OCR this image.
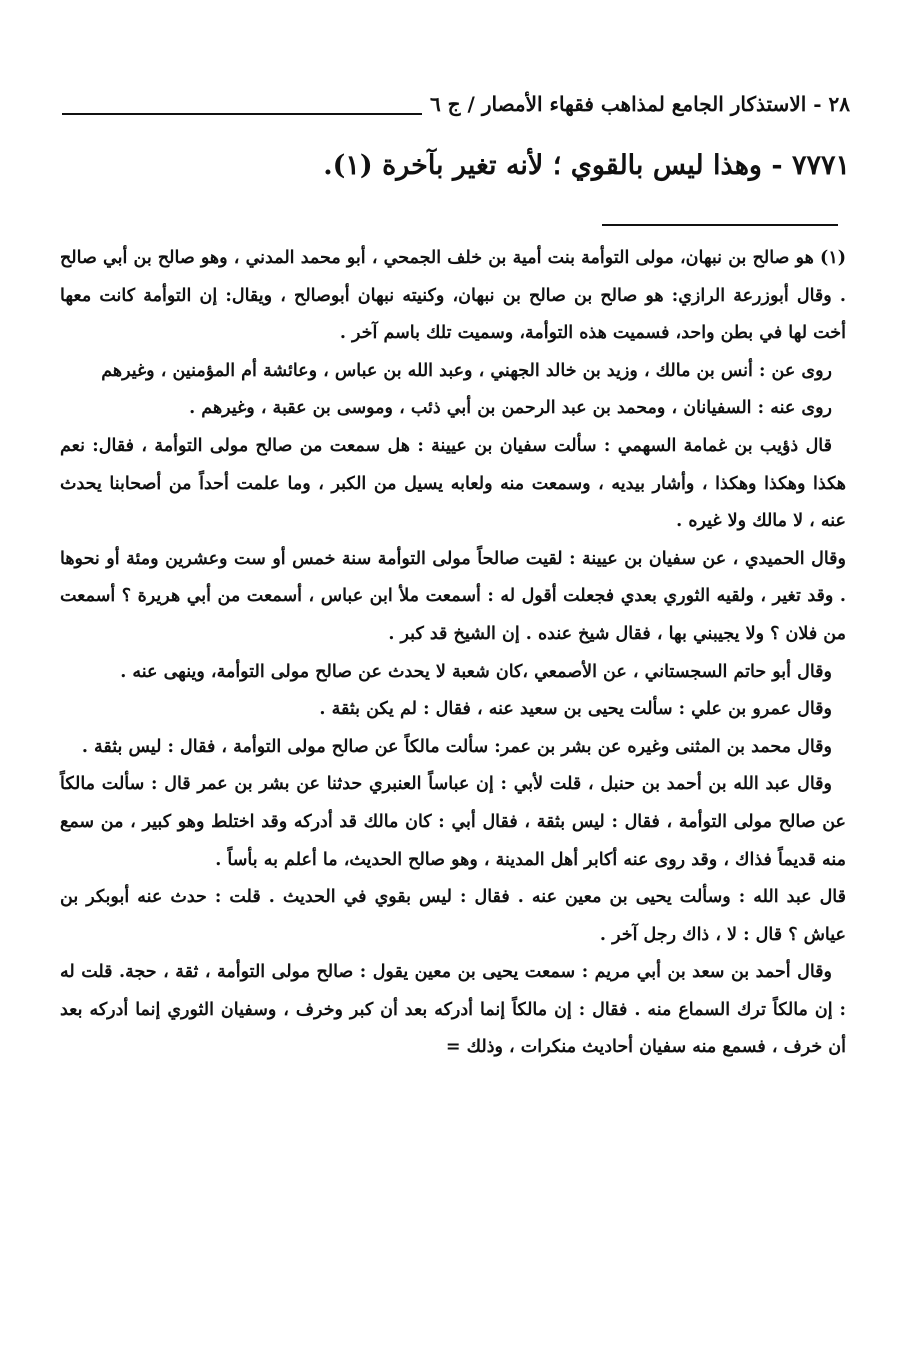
٢٨ - الاستذكار الجامع لمذاهب فقهاء الأمصار / ج ٦
٧٧٧١ - وهذا ليس بالقوي ؛ لأنه تغير بآخرة (١).

(١) هو صالح بن نبهان، مولى التوأمة بنت أمية بن خلف الجمحي ، أبو محمد المدني ، وهو صالح بن أبي صالح . وقال أبوزرعة الرازي: هو صالح بن صالح بن نبهان، وكنيته نبهان أبوصالح ، ويقال: إن التوأمة كانت معها أخت لها في بطن واحد، فسميت هذه التوأمة، وسميت تلك باسم آخر .

روى عن : أنس بن مالك ، وزيد بن خالد الجهني ، وعبد الله بن عباس ، وعائشة أم المؤمنين ، وغيرهم

روى عنه : السفيانان ، ومحمد بن عبد الرحمن بن أبي ذئب ، وموسى بن عقبة ، وغيرهم .

قال ذؤيب بن غمامة السهمي : سألت سفيان بن عيينة : هل سمعت من صالح مولى التوأمة ، فقال: نعم هكذا وهكذا وهكذا ، وأشار بيديه ، وسمعت منه ولعابه يسيل من الكبر ، وما علمت أحداً من أصحابنا يحدث عنه ، لا مالك ولا غيره .

وقال الحميدي ، عن سفيان بن عيينة : لقيت صالحاً مولى التوأمة سنة خمس أو ست وعشرين ومئة أو نحوها . وقد تغير ، ولقيه الثوري بعدي فجعلت أقول له : أسمعت ملأ ابن عباس ، أسمعت من أبي هريرة ؟ أسمعت من فلان ؟ ولا يجيبني بها ، فقال شيخ عنده . إن الشيخ قد كبر .

وقال أبو حاتم السجستاني ، عن الأصمعي ،كان شعبة لا يحدث عن صالح مولى التوأمة، وينهى عنه .

وقال عمرو بن علي : سألت يحيى بن سعيد عنه ، فقال : لم يكن بثقة .

وقال محمد بن المثنى وغيره عن بشر بن عمر: سألت مالكاً عن صالح مولى التوأمة ، فقال : ليس بثقة .

وقال عبد الله بن أحمد بن حنبل ، قلت لأبي : إن عباساً العنبري حدثنا عن بشر بن عمر قال : سألت مالكاً عن صالح مولى التوأمة ، فقال : ليس بثقة ، فقال أبي : كان مالك قد أدركه وقد اختلط وهو كبير ، من سمع منه قديماً فذاك ، وقد روى عنه أكابر أهل المدينة ، وهو صالح الحديث، ما أعلم به بأساً .

قال عبد الله : وسألت يحيى بن معين عنه . فقال : ليس بقوي في الحديث . قلت : حدث عنه أبوبكر بن عياش ؟ قال : لا ، ذاك رجل آخر .

وقال أحمد بن سعد بن أبي مريم : سمعت يحيى بن معين يقول : صالح مولى التوأمة ، ثقة ، حجة. قلت له : إن مالكاً ترك السماع منه . فقال : إن مالكاً إنما أدركه بعد أن كبر وخرف ، وسفيان الثوري إنما أدركه بعد أن خرف ، فسمع منه سفيان أحاديث منكرات ، وذلك =
